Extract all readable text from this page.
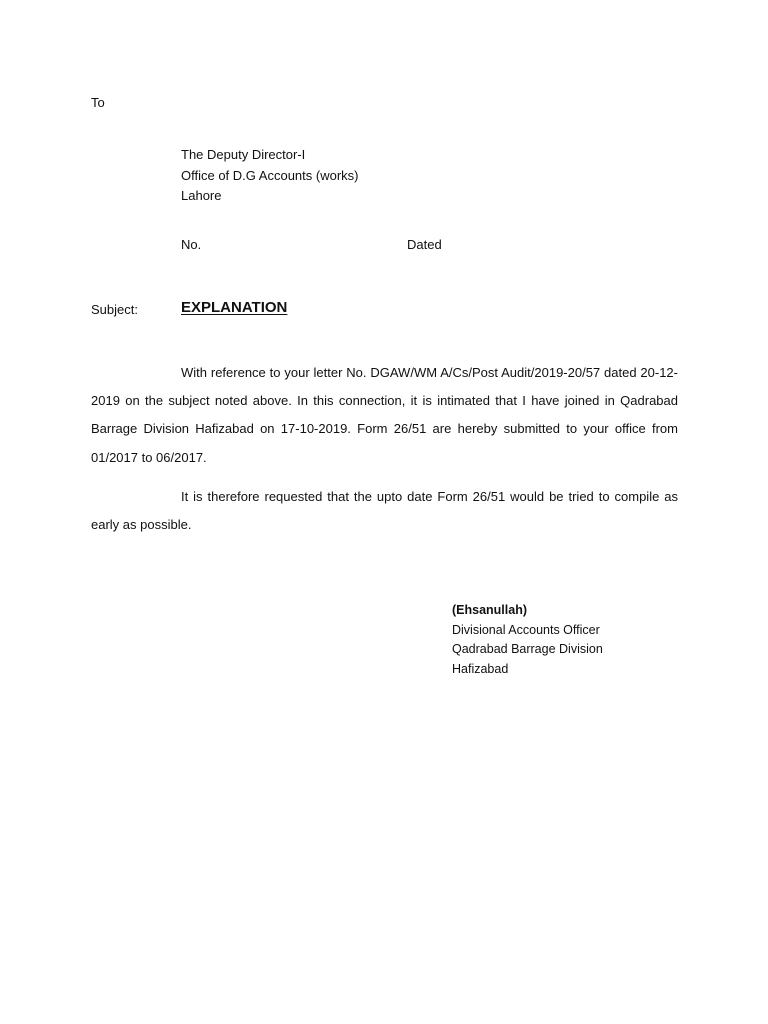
To
The Deputy Director-I
Office of D.G Accounts (works)
Lahore
No.	Dated
Subject:	EXPLANATION
With reference to your letter No. DGAW/WM A/Cs/Post Audit/2019-20/57 dated 20-12-2019 on the subject noted above. In this connection, it is intimated that I have joined in Qadrabad Barrage Division Hafizabad on 17-10-2019. Form 26/51 are hereby submitted to your office from 01/2017 to 06/2017.
It is therefore requested that the upto date Form 26/51 would be tried to compile as early as possible.
(Ehsanullah)
Divisional Accounts Officer
Qadrabad Barrage Division
Hafizabad
